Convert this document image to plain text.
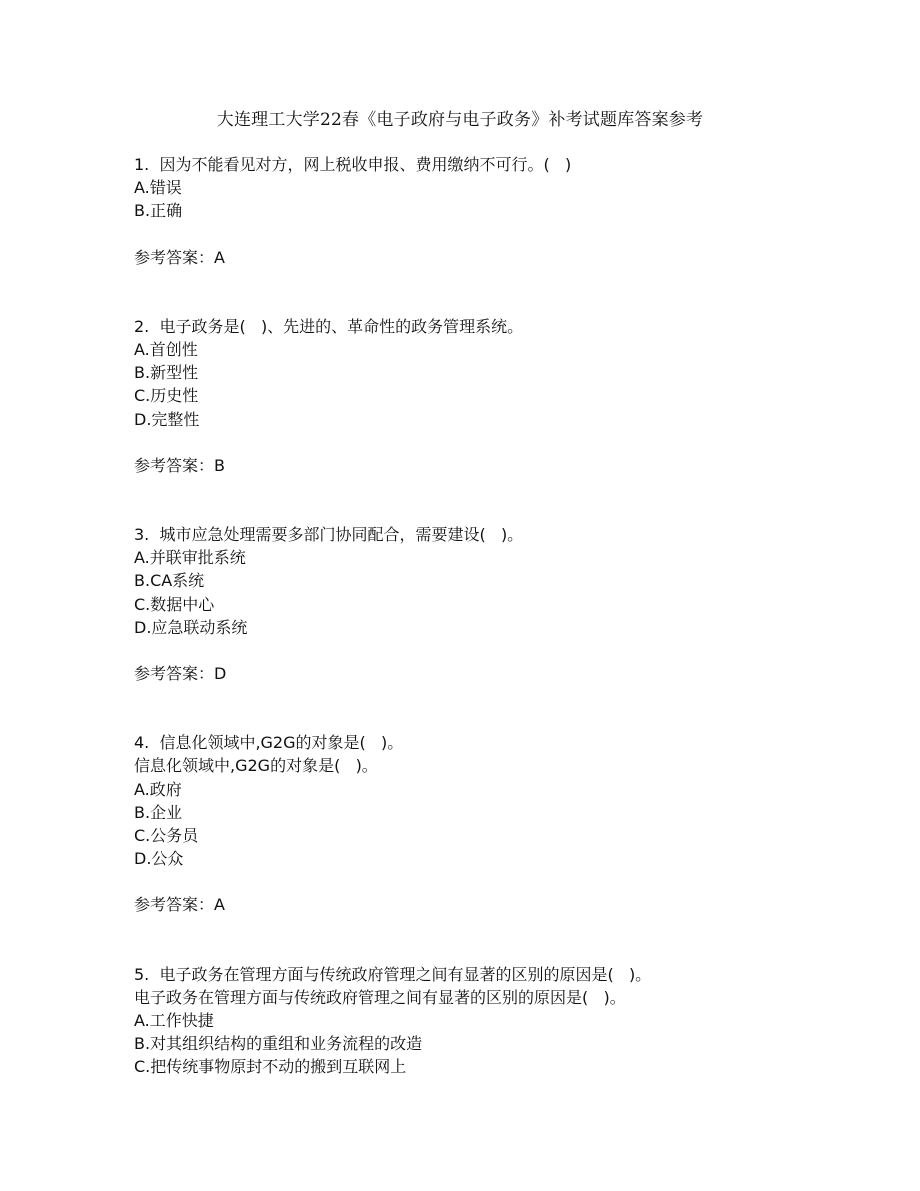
大连理工大学22春《电子政府与电子政务》补考试题库答案参考
1.  因为不能看见对方，网上税收申报、费用缴纳不可行。(   )
A.错误
B.正确
参考答案：A
2.  电子政务是(   )、先进的、革命性的政务管理系统。
A.首创性
B.新型性
C.历史性
D.完整性
参考答案：B
3.  城市应急处理需要多部门协同配合，需要建设(   )。
A.并联审批系统
B.CA系统
C.数据中心
D.应急联动系统
参考答案：D
4.  信息化领域中,G2G的对象是(   )。
信息化领域中,G2G的对象是(   )。
A.政府
B.企业
C.公务员
D.公众
参考答案：A
5.  电子政务在管理方面与传统政府管理之间有显著的区别的原因是(   )。
电子政务在管理方面与传统政府管理之间有显著的区别的原因是(   )。
A.工作快捷
B.对其组织结构的重组和业务流程的改造
C.把传统事物原封不动的搬到互联网上
